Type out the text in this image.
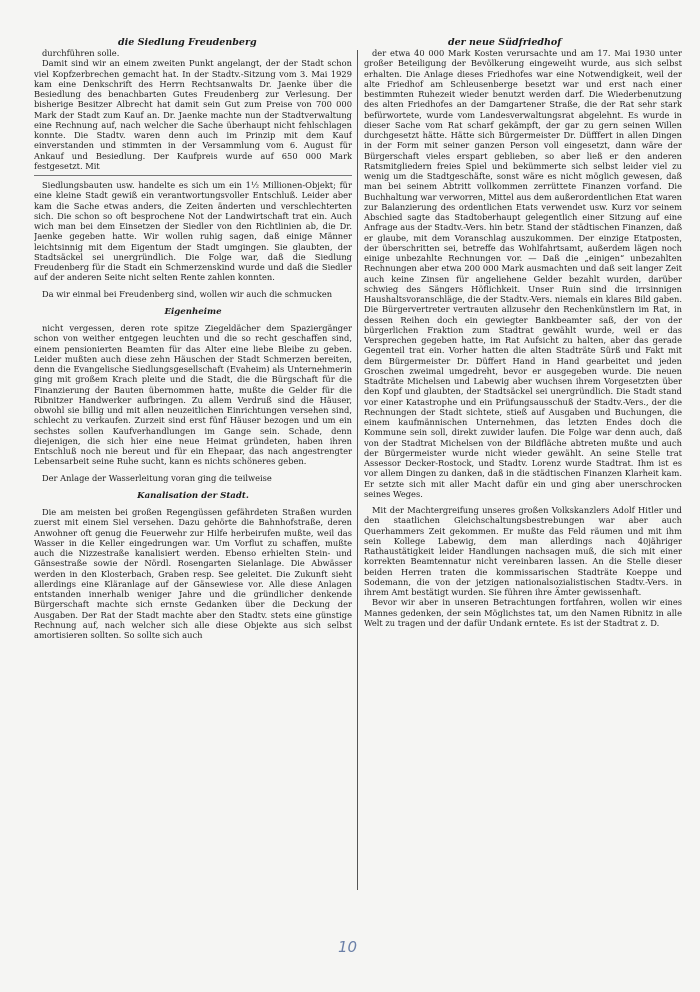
die Siedlung Freudenberg	der neue Südfriedhof

durchführen solle.

Damit sind wir an einem zweiten Punkt angelangt, der der Stadt schon viel Kopfzerbrechen gemacht hat. In der Stadtv.-Sitzung vom 3. Mai 1929 kam eine Denkschrift des Herrn Rechtsanwalts Dr. Jaenke über die Besiedlung des benachbarten Gutes Freudenberg zur Verlesung. Der bisherige Besitzer Albrecht hat damit sein Gut zum Preise von 700 000 Mark der Stadt zum Kauf an. Dr. Jaenke machte nun der Stadtverwaltung eine Rechnung auf, nach welcher die Sache überhaupt nicht fehlschlagen konnte. Die Stadtv. waren denn auch im Prinzip mit dem Kauf einverstanden und stimmten in der Versammlung vom 6. August für Ankauf und Besiedlung. Der Kaufpreis wurde auf 650 000 Mark festgesetzt. Mit

Siedlungsbauten usw. handelte es sich um ein 1½ Millionen-Objekt; für eine kleine Stadt gewiß ein verantwortungsvoller Entschluß. Leider aber kam die Sache etwas anders, die Zeiten änderten und verschlechterten sich. Die schon so oft besprochene Not der Landwirtschaft trat ein. Auch wich man bei dem Einsetzen der Siedler von den Richtlinien ab, die Dr. Jaenke gegeben hatte. Wir wollen ruhig sagen, daß einige Männer leichtsinnig mit dem Eigentum der Stadt umgingen. Sie glaubten, der Stadtsäckel sei unergründlich. Die Folge war, daß die Siedlung Freudenberg für die Stadt ein Schmerzenskind wurde und daß die Siedler auf der anderen Seite nicht selten Rente zahlen konnten.

Da wir einmal bei Freudenberg sind, wollen wir auch die schmucken

Eigenheime

nicht vergessen, deren rote spitze Ziegeldächer dem Spaziergänger schon von weither entgegen leuchten und die so recht geschaffen sind, einem pensionierten Beamten für das Alter eine liebe Bleibe zu geben. Leider mußten auch diese zehn Häuschen der Stadt Schmerzen bereiten, denn die Evangelische Siedlungsgesellschaft (Evaheim) als Unternehmerin ging mit großem Krach pleite und die Stadt, die die Bürgschaft für die Finanzierung der Bauten übernommen hatte, mußte die Gelder für die Ribnitzer Handwerker aufbringen. Zu allem Verdruß sind die Häuser, obwohl sie billig und mit allen neuzeitlichen Einrichtungen versehen sind, schlecht zu verkaufen. Zurzeit sind erst fünf Häuser bezogen und um ein sechstes sollen Kaufverhandlungen im Gange sein. Schade, denn diejenigen, die sich hier eine neue Heimat gründeten, haben ihren Entschluß noch nie bereut und für ein Ehepaar, das nach angestrengter Lebensarbeit seine Ruhe sucht, kann es nichts schöneres geben.

Der Anlage der Wasserleitung voran ging die teilweise

Kanalisation der Stadt.

Die am meisten bei großen Regengüssen gefährdeten Straßen wurden zuerst mit einem Siel versehen. Dazu gehörte die Bahnhofstraße, deren Anwohner oft genug die Feuerwehr zur Hilfe herbeirufen mußte, weil das Wasser in die Keller eingedrungen war. Um Vorflut zu schaffen, mußte auch die Nizzestraße kanalisiert werden. Ebenso erhielten Stein- und Gänsestraße sowie der Nördl. Rosengarten Sielanlage. Die Abwässer werden in den Klosterbach, Graben resp. See geleitet. Die Zukunft sieht allerdings eine Kläranlage auf der Gänsewiese vor. Alle diese Anlagen entstanden innerhalb weniger Jahre und die gründlicher denkende Bürgerschaft machte sich ernste Gedanken über die Deckung der Ausgaben. Der Rat der Stadt machte aber den Stadtv. stets eine günstige Rechnung auf, nach welcher sich alle diese Objekte aus sich selbst amortisieren sollten. So sollte sich auch

der etwa 40 000 Mark Kosten verursachte und am 17. Mai 1930 unter großer Beteiligung der Bevölkerung eingeweiht wurde, aus sich selbst erhalten. Die Anlage dieses Friedhofes war eine Notwendigkeit, weil der alte Friedhof am Schleusenberge besetzt war und erst nach einer bestimmten Ruhezeit wieder benutzt werden darf. Die Wiederbenutzung des alten Friedhofes an der Damgartener Straße, die der Rat sehr stark befürwortete, wurde vom Landesverwaltungsrat abgelehnt. Es wurde in dieser Sache vom Rat scharf gekämpft, der gar zu gern seinen Willen durchgesetzt hätte. Hätte sich Bürgermeister Dr. Düfffert in allen Dingen in der Form mit seiner ganzen Person voll eingesetzt, dann wäre der Bürgerschaft vieles erspart geblieben, so aber ließ er den anderen Ratsmitgliedern freies Spiel und bekümmerte sich selbst leider viel zu wenig um die Stadtgeschäfte, sonst wäre es nicht möglich gewesen, daß man bei seinem Abtritt vollkommen zerrüttete Finanzen vorfand. Die Buchhaltung war verworren, Mittel aus dem außerordentlichen Etat waren zur Balanzierung des ordentlichen Etats verwendet usw. Kurz vor seinem Abschied sagte das Stadtoberhaupt gelegentlich einer Sitzung auf eine Anfrage aus der Stadtv.-Vers. hin betr. Stand der städtischen Finanzen, daß er glaube, mit dem Voranschlag auszukommen. Der einzige Etatposten, der überschritten sei, betreffe das Wohlfahrtsamt, außerdem lägen noch einige unbezahlte Rechnungen vor. — Daß die „einigen“ unbezahlten Rechnungen aber etwa 200 000 Mark ausmachten und daß seit langer Zeit auch keine Zinsen für angeliehene Gelder bezahlt wurden, darüber schwieg des Sängers Höflichkeit. Unser Ruin sind die irrsinnigen Haushaltsvoranschläge, die der Stadtv.-Vers. niemals ein klares Bild gaben. Die Bürgervertreter vertrauten allzusehr den Rechenkünstlern im Rat, in dessen Reihen doch ein gewiegter Bankbeamter saß, der von der bürgerlichen Fraktion zum Stadtrat gewählt wurde, weil er das Versprechen gegeben hatte, im Rat Aufsicht zu halten, aber das gerade Gegenteil trat ein. Vorher hatten die alten Stadträte Sürß und Fakt mit dem Bürgermeister Dr. Düffert Hand in Hand gearbeitet und jeden Groschen zweimal umgedreht, bevor er ausgegeben wurde. Die neuen Stadträte Michelsen und Labewig aber wuchsen ihrem Vorgesetzten über den Kopf und glaubten, der Stadtsäckel sei unergründlich. Die Stadt stand vor einer Katastrophe und ein Prüfungsausschuß der Stadtv.-Vers., der die Rechnungen der Stadt sichtete, stieß auf Ausgaben und Buchungen, die einem kaufmännischen Unternehmen, das letzten Endes doch die Kommune sein soll, direkt zuwider laufen. Die Folge war denn auch, daß von der Stadtrat Michelsen von der Bildfläche abtreten mußte und auch der Bürgermeister wurde nicht wieder gewählt. An seine Stelle trat Assessor Decker-Rostock, und Stadtv. Lorenz wurde Stadtrat. Ihm ist es vor allem Dingen zu danken, daß in die städtischen Finanzen Klarheit kam. Er setzte sich mit aller Macht dafür ein und ging aber unerschrocken seines Weges.

Mit der Machtergreifung unseres großen Volkskanzlers Adolf Hitler und den staatlichen Gleichschaltungsbestrebungen war aber auch Querhammers Zeit gekommen. Er mußte das Feld räumen und mit ihm sein Kollege Labewig, dem man allerdings nach 40jähriger Rathaustätigkeit leider Handlungen nachsagen muß, die sich mit einer korrekten Beamtennatur nicht vereinbaren lassen. An die Stelle dieser beiden Herren traten die kommissarischen Stadträte Koeppe und Sodemann, die von der jetzigen nationalsozialistischen Stadtv.-Vers. in ihrem Amt bestätigt wurden. Sie führen ihre Ämter gewissenhaft.

Bevor wir aber in unseren Betrachtungen fortfahren, wollen wir eines Mannes gedenken, der sein Möglichstes tat, um den Namen Ribnitz in alle Welt zu tragen und der dafür Undank erntete. Es ist der Stadtrat z. D.

10
